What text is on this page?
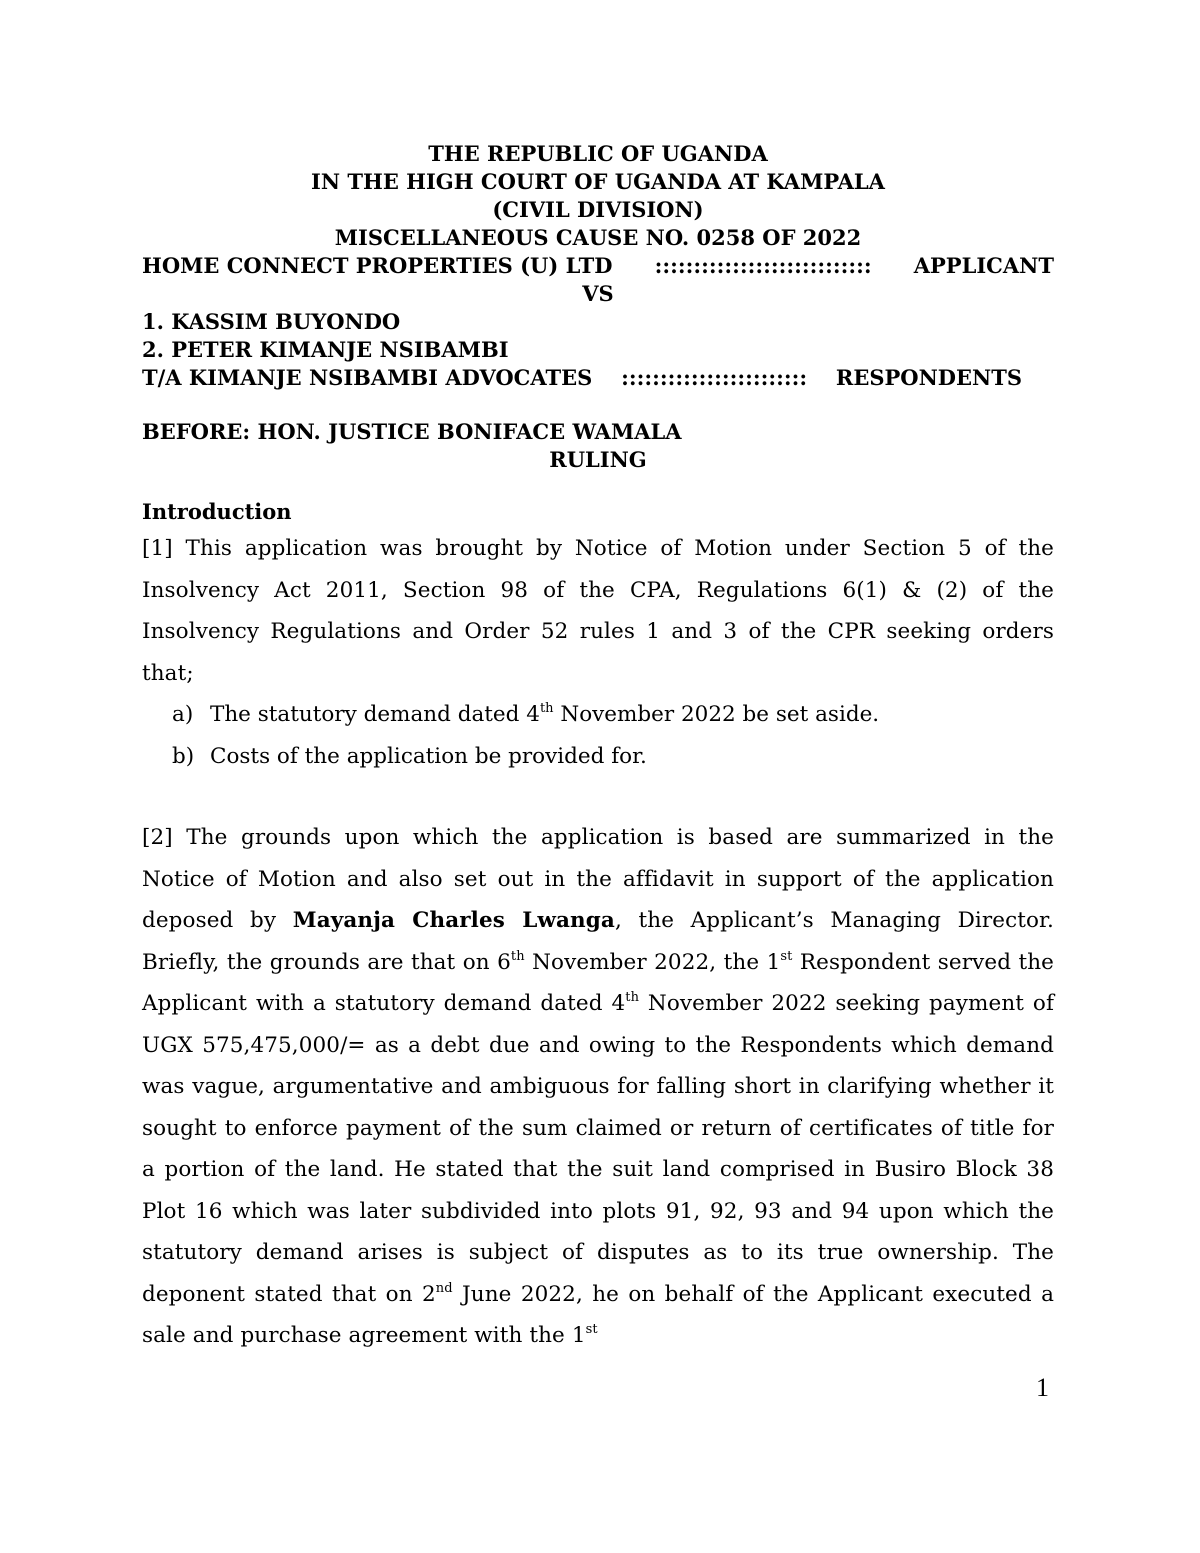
THE REPUBLIC OF UGANDA
IN THE HIGH COURT OF UGANDA AT KAMPALA
(CIVIL DIVISION)
MISCELLANEOUS CAUSE NO. 0258 OF 2022
HOME CONNECT PROPERTIES (U) LTD :::::::::::::::::::::::::::: APPLICANT
VS
1. KASSIM BUYONDO
2. PETER KIMANJE NSIBAMBI
T/A KIMANJE NSIBAMBI ADVOCATES :::::::::::::::::::::::: RESPONDENTS
BEFORE: HON. JUSTICE BONIFACE WAMALA
RULING
Introduction

[1] This application was brought by Notice of Motion under Section 5 of the Insolvency Act 2011, Section 98 of the CPA, Regulations 6(1) & (2) of the Insolvency Regulations and Order 52 rules 1 and 3 of the CPR seeking orders that;

a) The statutory demand dated 4th November 2022 be set aside.
b) Costs of the application be provided for.

[2] The grounds upon which the application is based are summarized in the Notice of Motion and also set out in the affidavit in support of the application deposed by Mayanja Charles Lwanga, the Applicant’s Managing Director. Briefly, the grounds are that on 6th November 2022, the 1st Respondent served the Applicant with a statutory demand dated 4th November 2022 seeking payment of UGX 575,475,000/= as a debt due and owing to the Respondents which demand was vague, argumentative and ambiguous for falling short in clarifying whether it sought to enforce payment of the sum claimed or return of certificates of title for a portion of the land. He stated that the suit land comprised in Busiro Block 38 Plot 16 which was later subdivided into plots 91, 92, 93 and 94 upon which the statutory demand arises is subject of disputes as to its true ownership. The deponent stated that on 2nd June 2022, he on behalf of the Applicant executed a sale and purchase agreement with the 1st

1
